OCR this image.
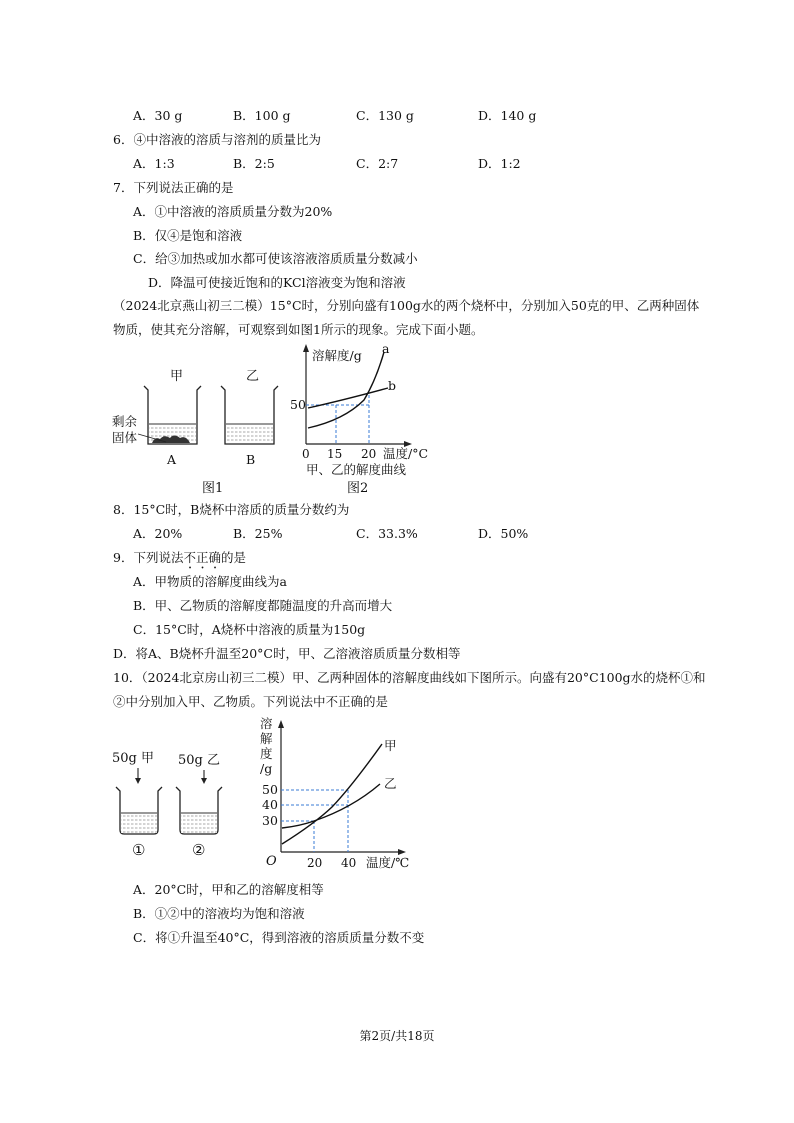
A．30 g	B．100 g	C．130 g	D．140 g
6．④中溶液的溶质与溶剂的质量比为
A．1:3	B．2:5	C．2:7	D．1:2
7．下列说法正确的是
A．①中溶液的溶质质量分数为20%
B．仅④是饱和溶液
C．给③加热或加水都可使该溶液溶质质量分数减小
D．降温可使接近饱和的KCl溶液变为饱和溶液
（2024北京燕山初三二模）15°C时，分别向盛有100g水的两个烧杯中，分别加入50克的甲、乙两种固体
物质，使其充分溶解，可观察到如图1所示的现象。完成下面小题。
甲	乙
剩余
固体
A	B
图1
溶解度/g a
b
50
0 15 20 温度/°C
甲、乙的解度曲线
图2
8．15°C时，B烧杯中溶质的质量分数约为
A．20%	B．25%	C．33.3%	D．50%
9．下列说法不正确的是
A．甲物质的溶解度曲线为a
B．甲、乙物质的溶解度都随温度的升高而增大
C．15°C时，A烧杯中溶液的质量为150g
D．将A、B烧杯升温至20°C时，甲、乙溶液溶质质量分数相等
10．（2024北京房山初三二模）甲、乙两种固体的溶解度曲线如下图所示。向盛有20°C100g水的烧杯①和
②中分别加入甲、乙物质。下列说法中不正确的是
50g 甲 50g 乙
①	②
溶
解
度
/g
甲
乙
50
40
30
O	20 40 温度/℃
A．20°C时，甲和乙的溶解度相等
B．①②中的溶液均为饱和溶液
C．将①升温至40°C，得到溶液的溶质质量分数不变
第2页/共18页
